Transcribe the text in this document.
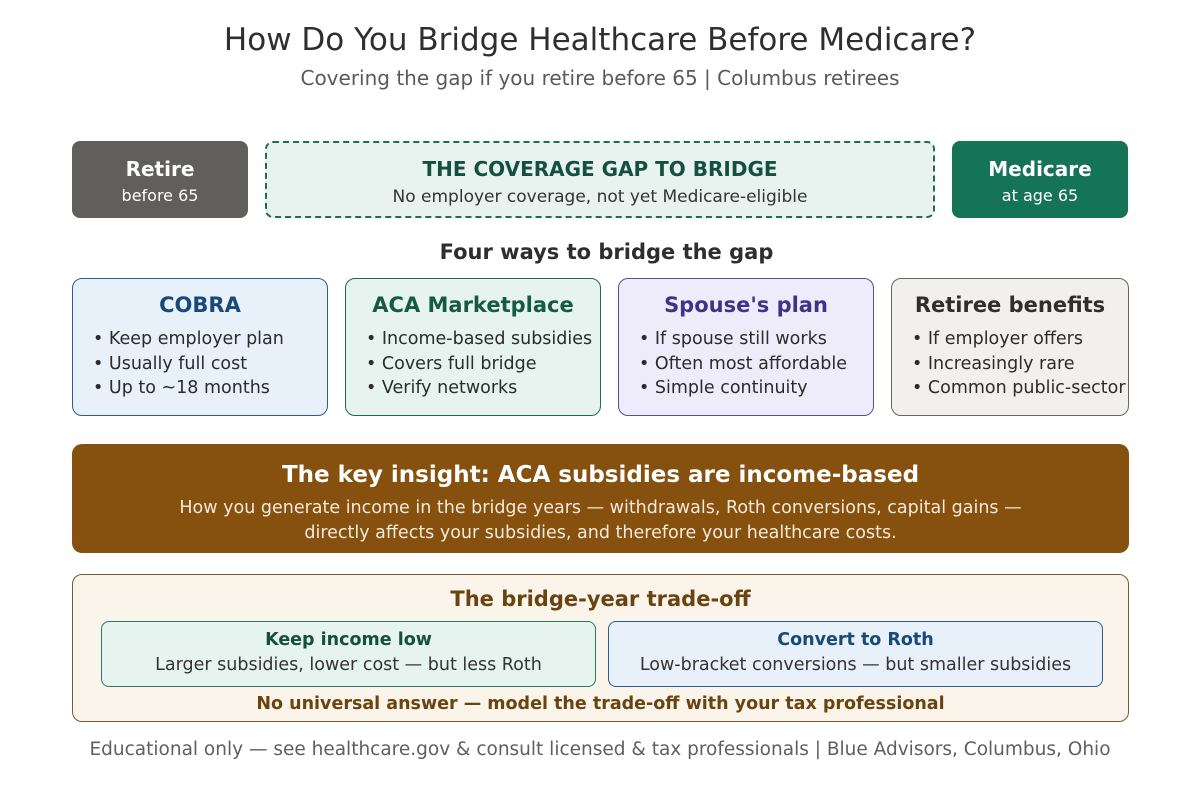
How Do You Bridge Healthcare Before Medicare?
Covering the gap if you retire before 65 | Columbus retirees
Retire
before 65
THE COVERAGE GAP TO BRIDGE
No employer coverage, not yet Medicare-eligible
Medicare
at age 65
Four ways to bridge the gap
COBRA
• Keep employer plan
• Usually full cost
• Up to ~18 months
ACA Marketplace
• Income-based subsidies
• Covers full bridge
• Verify networks
Spouse's plan
• If spouse still works
• Often most affordable
• Simple continuity
Retiree benefits
• If employer offers
• Increasingly rare
• Common public-sector
The key insight: ACA subsidies are income-based
How you generate income in the bridge years — withdrawals, Roth conversions, capital gains —
directly affects your subsidies, and therefore your healthcare costs.
The bridge-year trade-off
Keep income low
Larger subsidies, lower cost — but less Roth
Convert to Roth
Low-bracket conversions — but smaller subsidies
No universal answer — model the trade-off with your tax professional
Educational only — see healthcare.gov & consult licensed & tax professionals | Blue Advisors, Columbus, Ohio
